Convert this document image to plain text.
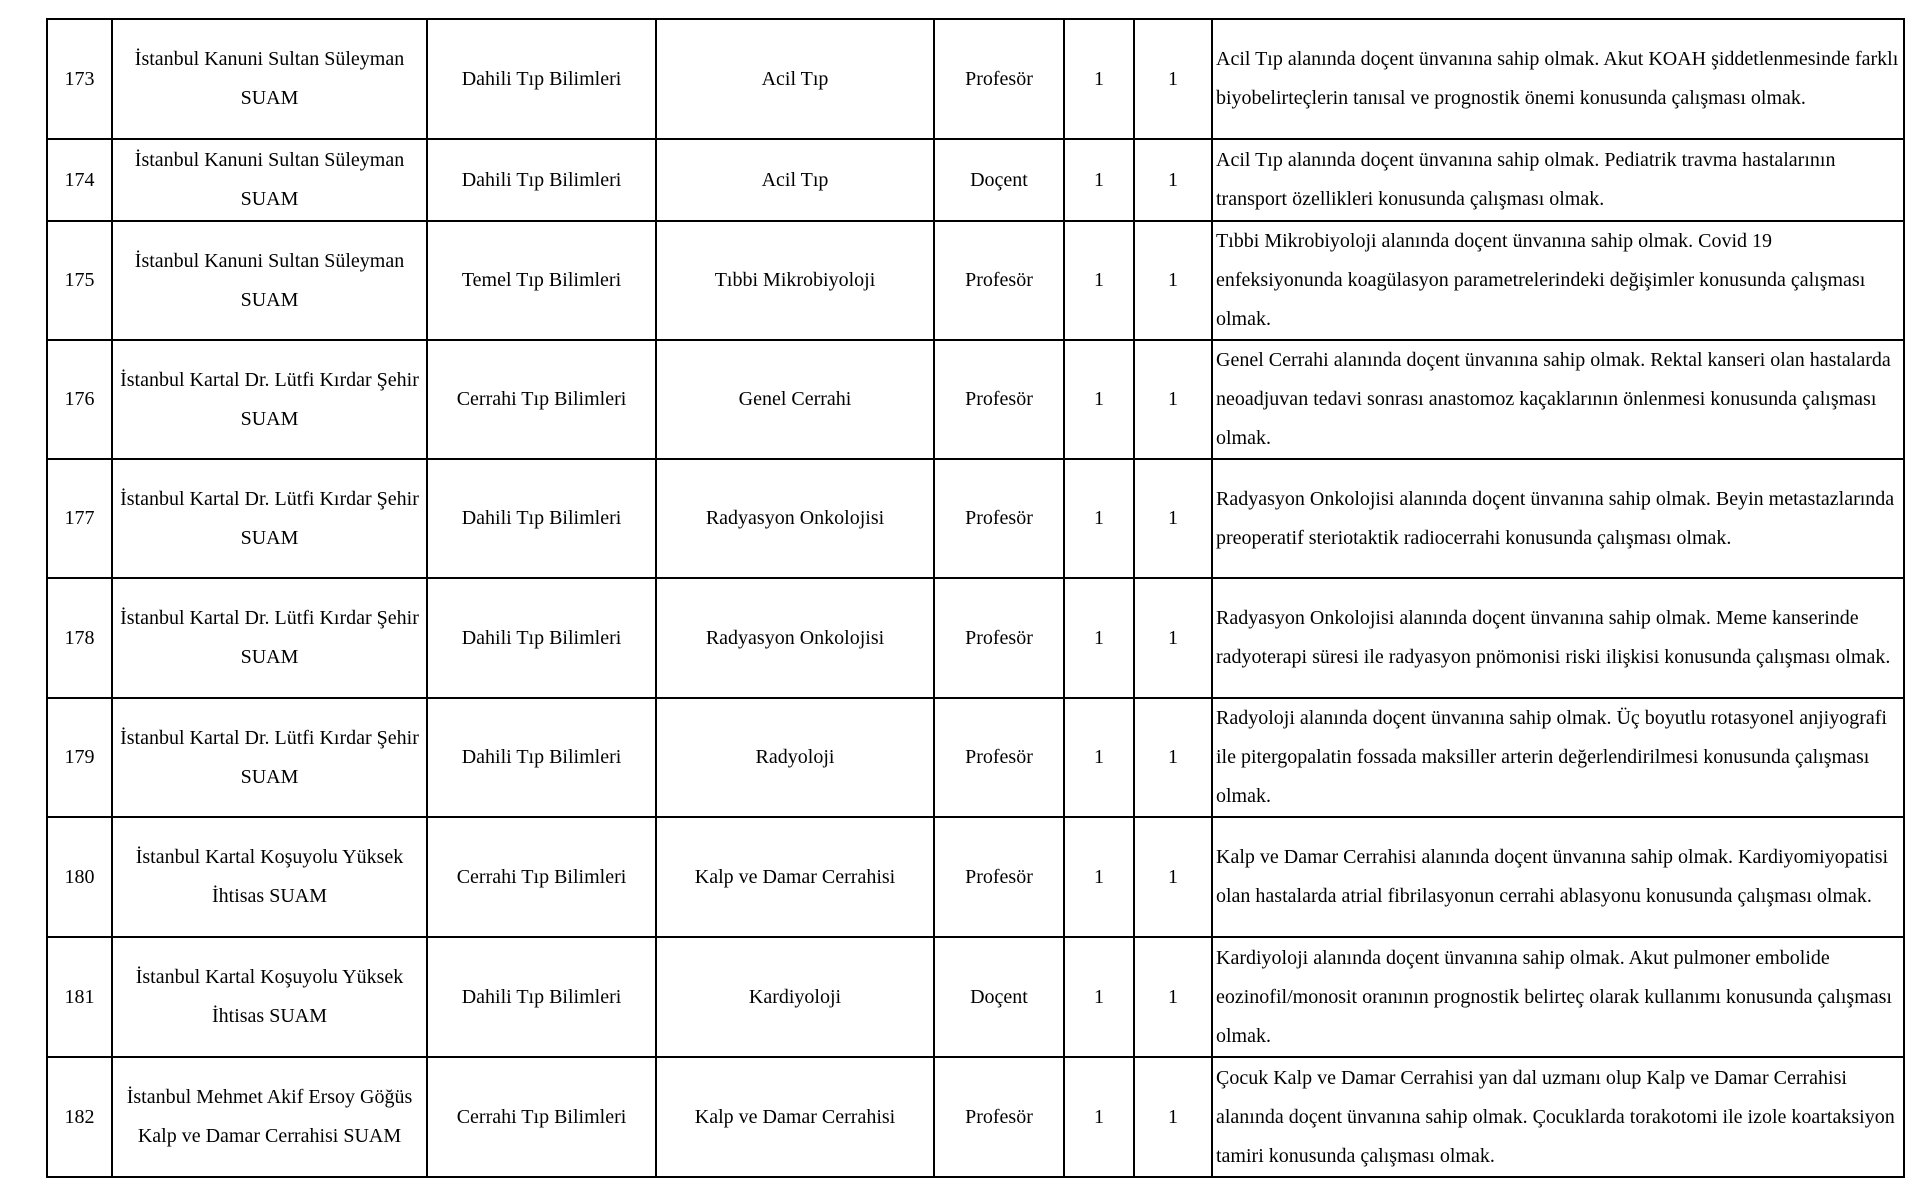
173	İstanbul Kanuni Sultan Süleyman SUAM	Dahili Tıp Bilimleri	Acil Tıp	Profesör	1	1	Acil Tıp alanında doçent ünvanına sahip olmak. Akut KOAH şiddetlenmesinde farklı biyobelirteçlerin tanısal ve prognostik önemi konusunda çalışması olmak.
174	İstanbul Kanuni Sultan Süleyman SUAM	Dahili Tıp Bilimleri	Acil Tıp	Doçent	1	1	Acil Tıp alanında doçent ünvanına sahip olmak. Pediatrik travma hastalarının transport özellikleri konusunda çalışması olmak.
175	İstanbul Kanuni Sultan Süleyman SUAM	Temel Tıp Bilimleri	Tıbbi Mikrobiyoloji	Profesör	1	1	Tıbbi Mikrobiyoloji alanında doçent ünvanına sahip olmak. Covid 19 enfeksiyonunda koagülasyon parametrelerindeki değişimler konusunda çalışması olmak.
176	İstanbul Kartal Dr. Lütfi Kırdar Şehir SUAM	Cerrahi Tıp Bilimleri	Genel Cerrahi	Profesör	1	1	Genel Cerrahi alanında doçent ünvanına sahip olmak. Rektal kanseri olan hastalarda neoadjuvan tedavi sonrası anastomoz kaçaklarının önlenmesi konusunda çalışması olmak.
177	İstanbul Kartal Dr. Lütfi Kırdar Şehir SUAM	Dahili Tıp Bilimleri	Radyasyon Onkolojisi	Profesör	1	1	Radyasyon Onkolojisi alanında doçent ünvanına sahip olmak. Beyin metastazlarında preoperatif steriotaktik radiocerrahi konusunda çalışması olmak.
178	İstanbul Kartal Dr. Lütfi Kırdar Şehir SUAM	Dahili Tıp Bilimleri	Radyasyon Onkolojisi	Profesör	1	1	Radyasyon Onkolojisi alanında doçent ünvanına sahip olmak. Meme kanserinde radyoterapi süresi ile radyasyon pnömonisi riski ilişkisi konusunda çalışması olmak.
179	İstanbul Kartal Dr. Lütfi Kırdar Şehir SUAM	Dahili Tıp Bilimleri	Radyoloji	Profesör	1	1	Radyoloji alanında doçent ünvanına sahip olmak. Üç boyutlu rotasyonel anjiyografi ile pitergopalatin fossada maksiller arterin değerlendirilmesi konusunda çalışması olmak.
180	İstanbul Kartal Koşuyolu Yüksek İhtisas SUAM	Cerrahi Tıp Bilimleri	Kalp ve Damar Cerrahisi	Profesör	1	1	Kalp ve Damar Cerrahisi alanında doçent ünvanına sahip olmak. Kardiyomiyopatisi olan hastalarda atrial fibrilasyonun cerrahi ablasyonu konusunda çalışması olmak.
181	İstanbul Kartal Koşuyolu Yüksek İhtisas SUAM	Dahili Tıp Bilimleri	Kardiyoloji	Doçent	1	1	Kardiyoloji alanında doçent ünvanına sahip olmak. Akut pulmoner embolide eozinofil/monosit oranının prognostik belirteç olarak kullanımı konusunda çalışması olmak.
182	İstanbul Mehmet Akif Ersoy Göğüs Kalp ve Damar Cerrahisi SUAM	Cerrahi Tıp Bilimleri	Kalp ve Damar Cerrahisi	Profesör	1	1	Çocuk Kalp ve Damar Cerrahisi yan dal uzmanı olup Kalp ve Damar Cerrahisi alanında doçent ünvanına sahip olmak. Çocuklarda torakotomi ile izole koartaksiyon tamiri konusunda çalışması olmak.
